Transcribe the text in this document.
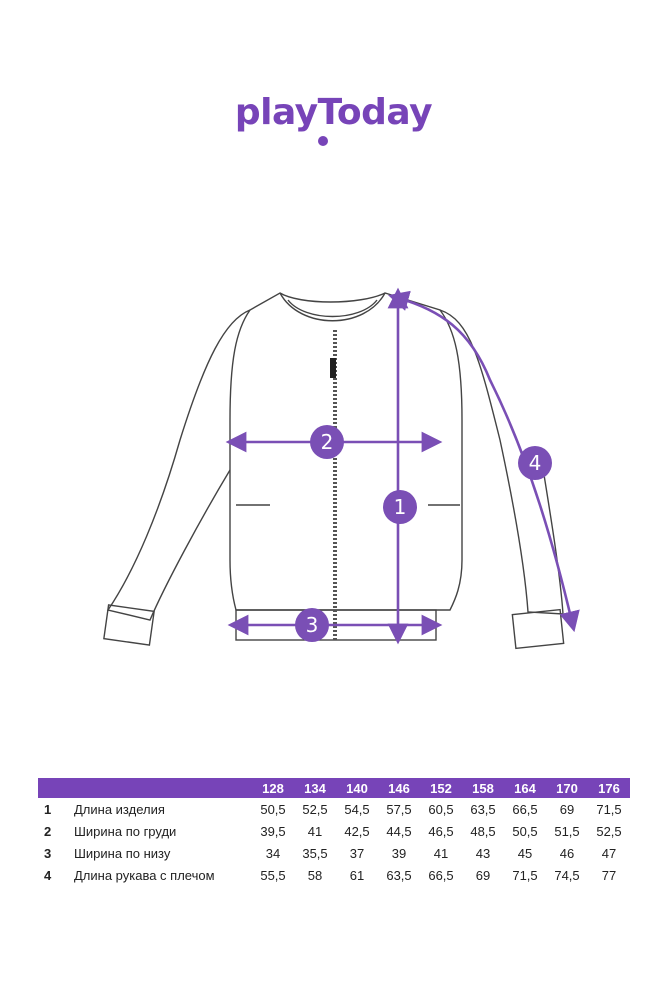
playToday
1
2
3
4
		128	134	140	146	152	158	164	170	176
1	Длина изделия	50,5	52,5	54,5	57,5	60,5	63,5	66,5	69	71,5
2	Ширина по груди	39,5	41	42,5	44,5	46,5	48,5	50,5	51,5	52,5
3	Ширина по низу	34	35,5	37	39	41	43	45	46	47
4	Длина рукава с плечом	55,5	58	61	63,5	66,5	69	71,5	74,5	77
